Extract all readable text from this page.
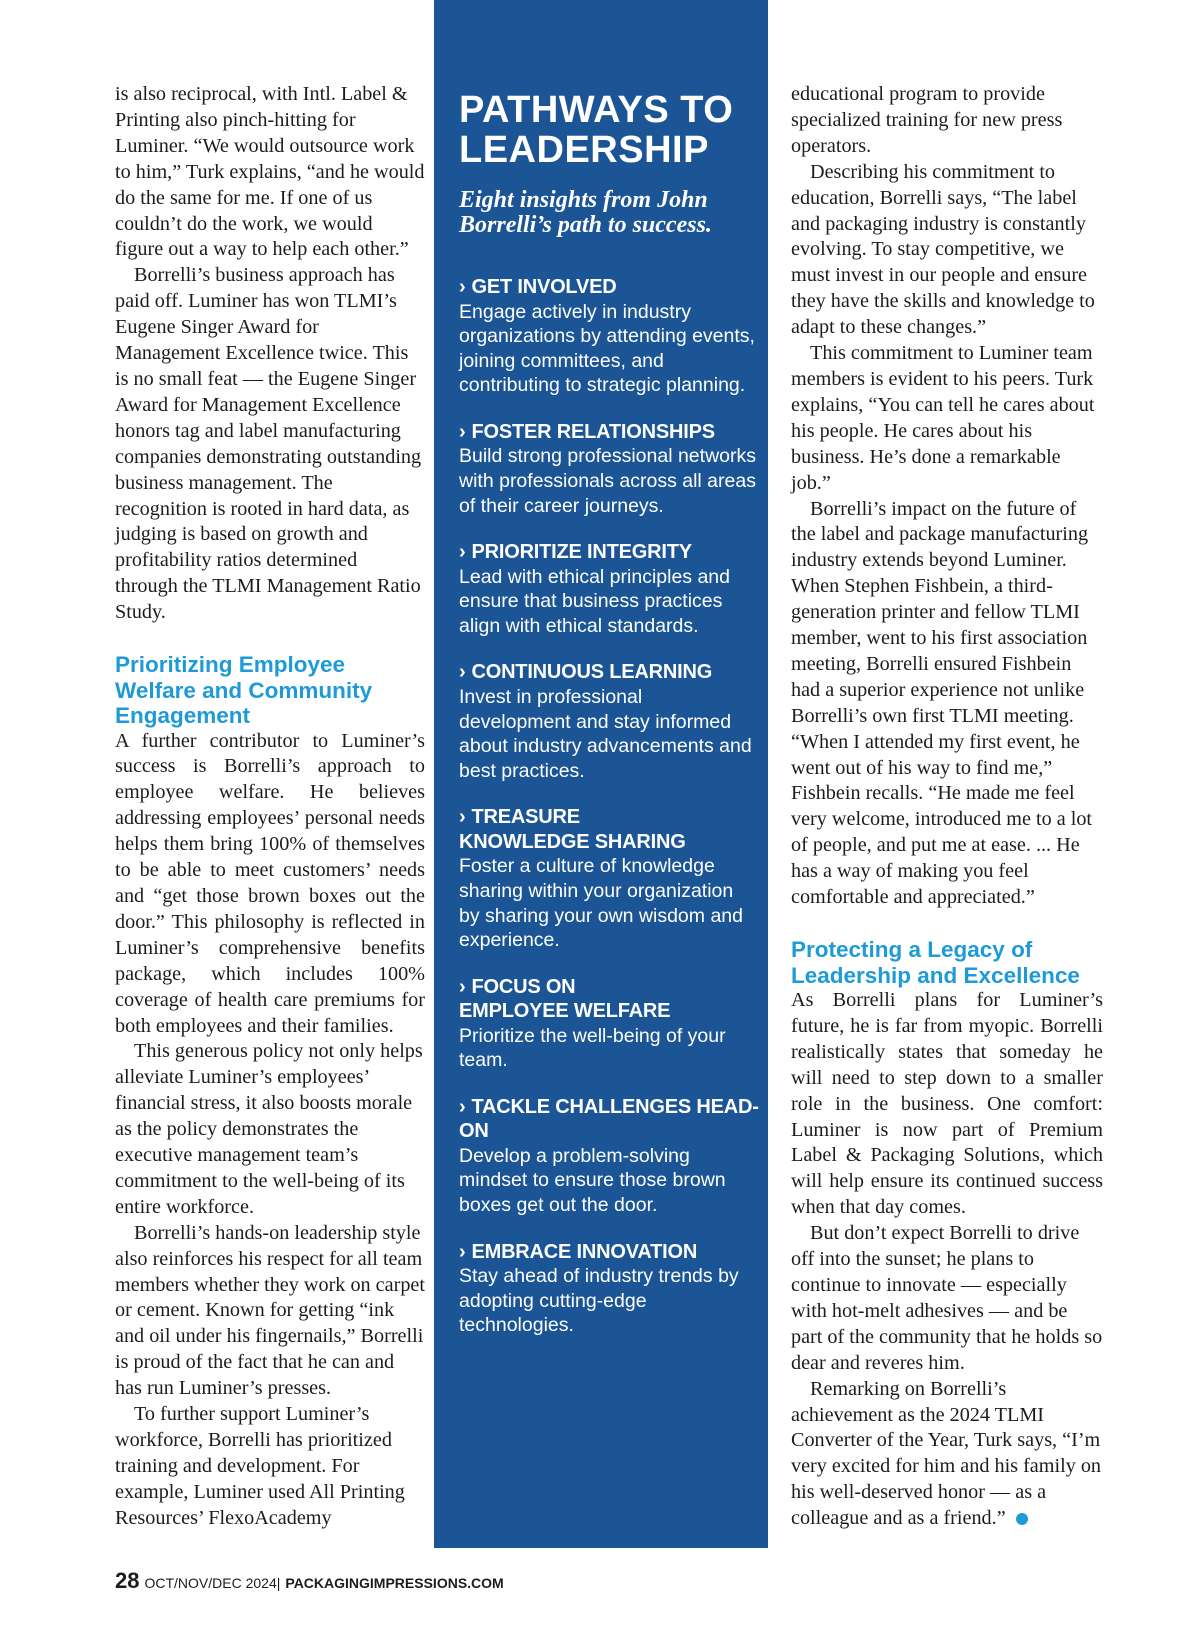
is also reciprocal, with Intl. Label & Printing also pinch-hitting for Luminer. “We would outsource work to him,” Turk explains, “and he would do the same for me. If one of us couldn’t do the work, we would figure out a way to help each other.”

Borrelli’s business approach has paid off. Luminer has won TLMI’s Eugene Singer Award for Management Excellence twice. This is no small feat — the Eugene Singer Award for Management Excellence honors tag and label manufacturing companies demonstrating outstanding business management. The recognition is rooted in hard data, as judging is based on growth and profitability ratios determined through the TLMI Management Ratio Study.

Prioritizing Employee Welfare and Community Engagement

A further contributor to Luminer’s success is Borrelli’s approach to employee welfare. He believes addressing employees’ personal needs helps them bring 100% of themselves to be able to meet customers’ needs and “get those brown boxes out the door.” This philosophy is reflected in Luminer’s comprehensive benefits package, which includes 100% coverage of health care premiums for both employees and their families.

This generous policy not only helps alleviate Luminer’s employees’ financial stress, it also boosts morale as the policy demonstrates the executive management team’s commitment to the well-being of its entire workforce.

Borrelli’s hands-on leadership style also reinforces his respect for all team members whether they work on carpet or cement. Known for getting “ink and oil under his fingernails,” Borrelli is proud of the fact that he can and has run Luminer’s presses.

To further support Luminer’s workforce, Borrelli has prioritized training and development. For example, Luminer used All Printing Resources’ FlexoAcademy

PATHWAYS TO LEADERSHIP

Eight insights from John Borrelli’s path to success.

› GET INVOLVED
Engage actively in industry organizations by attending events, joining committees, and contributing to strategic planning.
› FOSTER RELATIONSHIPS
Build strong professional networks with professionals across all areas of their career journeys.
› PRIORITIZE INTEGRITY
Lead with ethical principles and ensure that business practices align with ethical standards.
› CONTINUOUS LEARNING
Invest in professional development and stay informed about industry advancements and best practices.
› TREASURE KNOWLEDGE SHARING
Foster a culture of knowledge sharing within your organization by sharing your own wisdom and experience.
› FOCUS ON EMPLOYEE WELFARE
Prioritize the well-being of your team.
› TACKLE CHALLENGES HEAD-ON
Develop a problem-solving mindset to ensure those brown boxes get out the door.
› EMBRACE INNOVATION
Stay ahead of industry trends by adopting cutting-edge technologies.

educational program to provide specialized training for new press operators.

Describing his commitment to education, Borrelli says, “The label and packaging industry is constantly evolving. To stay competitive, we must invest in our people and ensure they have the skills and knowledge to adapt to these changes.”

This commitment to Luminer team members is evident to his peers. Turk explains, “You can tell he cares about his people. He cares about his business. He’s done a remarkable job.”

Borrelli’s impact on the future of the label and package manufacturing industry extends beyond Luminer. When Stephen Fishbein, a third-generation printer and fellow TLMI member, went to his first association meeting, Borrelli ensured Fishbein had a superior experience not unlike Borrelli’s own first TLMI meeting. “When I attended my first event, he went out of his way to find me,” Fishbein recalls. “He made me feel very welcome, introduced me to a lot of people, and put me at ease. ... He has a way of making you feel comfortable and appreciated.”

Protecting a Legacy of Leadership and Excellence

As Borrelli plans for Luminer’s future, he is far from myopic. Borrelli realistically states that someday he will need to step down to a smaller role in the business. One comfort: Luminer is now part of Premium Label & Packaging Solutions, which will help ensure its continued success when that day comes.

But don’t expect Borrelli to drive off into the sunset; he plans to continue to innovate — especially with hot-melt adhesives — and be part of the community that he holds so dear and reveres him.

Remarking on Borrelli’s achievement as the 2024 TLMI Converter of the Year, Turk says, “I’m very excited for him and his family on his well-deserved honor — as a colleague and as a friend.”

28 OCT/NOV/DEC 2024| PACKAGINGIMPRESSIONS.COM
